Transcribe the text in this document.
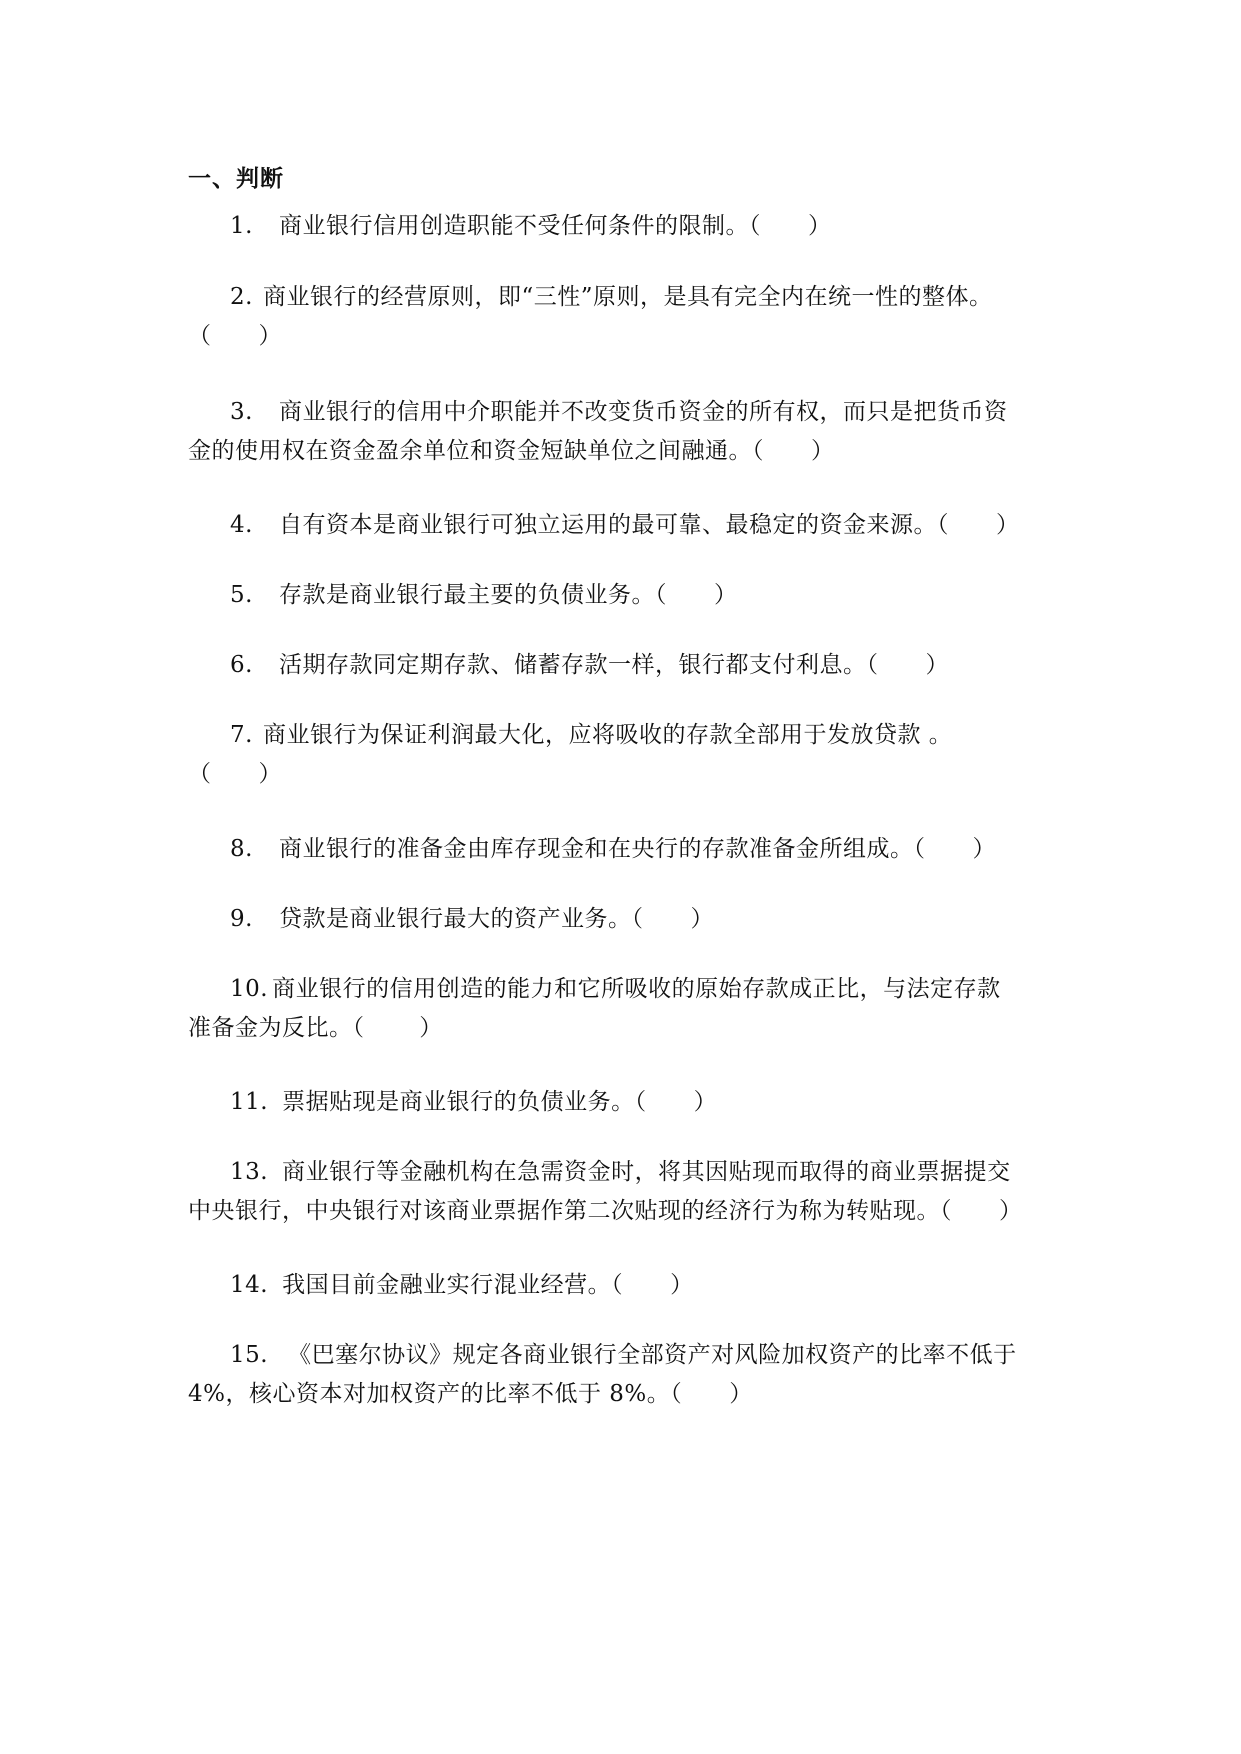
一、判断
1. 商业银行信用创造职能不受任何条件的限制。（　　）
2. 商业银行的经营原则，即“三性”原则，是具有完全内在统一性的整体。
（　　）
3. 商业银行的信用中介职能并不改变货币资金的所有权，而只是把货币资
金的使用权在资金盈余单位和资金短缺单位之间融通。（　　）
4. 自有资本是商业银行可独立运用的最可靠、最稳定的资金来源。（　　）
5. 存款是商业银行最主要的负债业务。（　　）
6. 活期存款同定期存款、储蓄存款一样，银行都支付利息。（　　）
7. 商业银行为保证利润最大化，应将吸收的存款全部用于发放贷款 。
（　　）
8. 商业银行的准备金由库存现金和在央行的存款准备金所组成。（　　）
9. 贷款是商业银行最大的资产业务。（　　）
10. 商业银行的信用创造的能力和它所吸收的原始存款成正比，与法定存款
准备金为反比。（　　 ）
11. 票据贴现是商业银行的负债业务。（　　）
13. 商业银行等金融机构在急需资金时，将其因贴现而取得的商业票据提交
中央银行，中央银行对该商业票据作第二次贴现的经济行为称为转贴现。（　　）
14. 我国目前金融业实行混业经营。（　　）
15. 《巴塞尔协议》规定各商业银行全部资产对风险加权资产的比率不低于
4%，核心资本对加权资产的比率不低于 8%。（　　）
